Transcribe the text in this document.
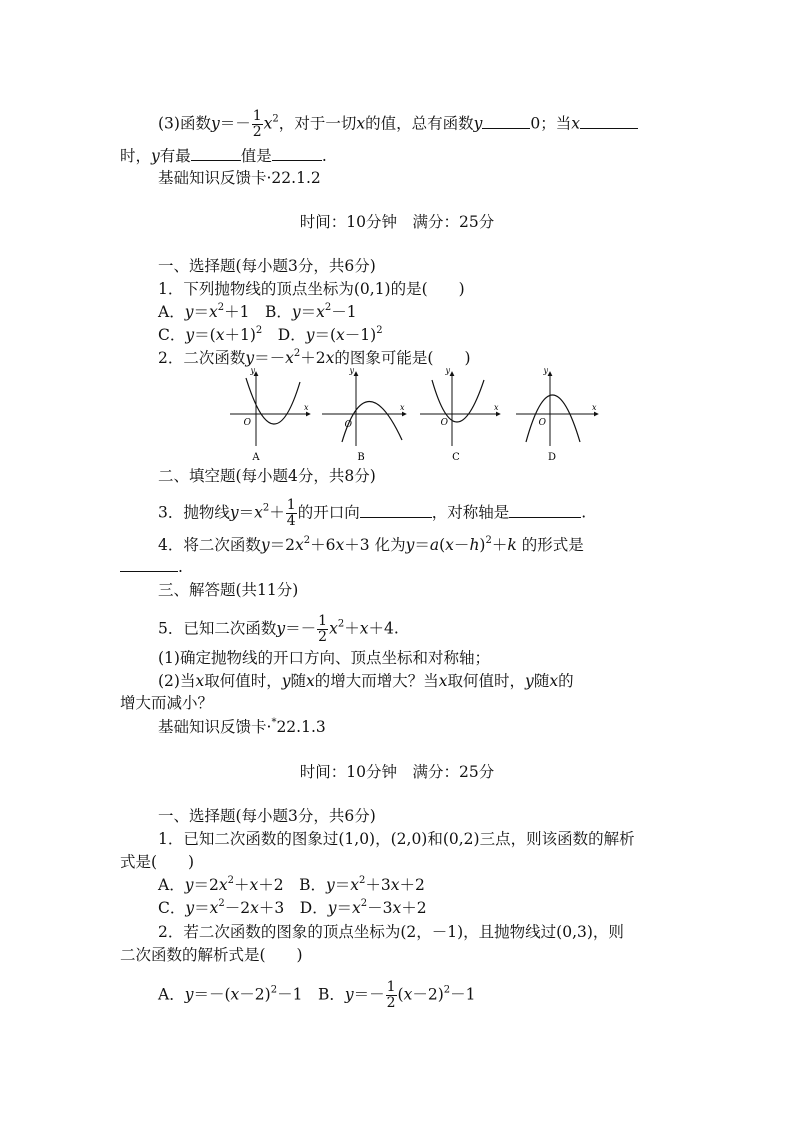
(3)函数$y=- \frac{1}{2} x^2$，对于一切x的值，总有函数y	0；当x
时，y有最	值是	.
基础知识反馈卡·22.1.2
时间：10分钟　满分：25分
一、选择题(每小题3分，共6分)
1．下列抛物线的顶点坐标为(0,1)的是(　　)
A．$y=x^2+1$　B．$y=x^2-1$
C．$y=(x+1)^2$　 D．$y=(x-1)^2$
2．二次函数$y=-x^2+2x$的图象可能是(　　)
y
x
O
A
y
x
O
B
y
x
O
C
y
x
O
D
二、填空题(每小题4分，共8分)
3．抛物线$y=x^2+ \frac{1}{4}$ 的开口向	，对称轴是	.
4．将二次函数$y=2x^2+6x+3$ 化为$y=a(x-h)^2+k$ 的形式是
.
三、解答题(共11分)
5．已知二次函数$y=- \frac{1}{2} x^2+x+4$.
(1)确定抛物线的开口方向、顶点坐标和对称轴；
(2)当x取何值时，y随x的增大而增大？当x取何值时，y随x的
增大而减小？
基础知识反馈卡·*22.1.3
时间：10分钟　满分：25分
一、选择题(每小题3分，共6分)
1．已知二次函数的图象过(1,0)，(2,0)和(0,2)三点，则该函数的解析
式是(　　)
A．$y=2x^2+x+2$　B．$y=x^2+3x+2$
C．$y=x^2-2x+3$　D．$y=x^2-3x+2$
2．若二次函数的图象的顶点坐标为(2，－1)，且抛物线过(0,3)，则
二次函数的解析式是(　　)
A．$y=-(x-2)^2-1$　B．$y=- \frac{1}{2} (x-2)^2-1$
